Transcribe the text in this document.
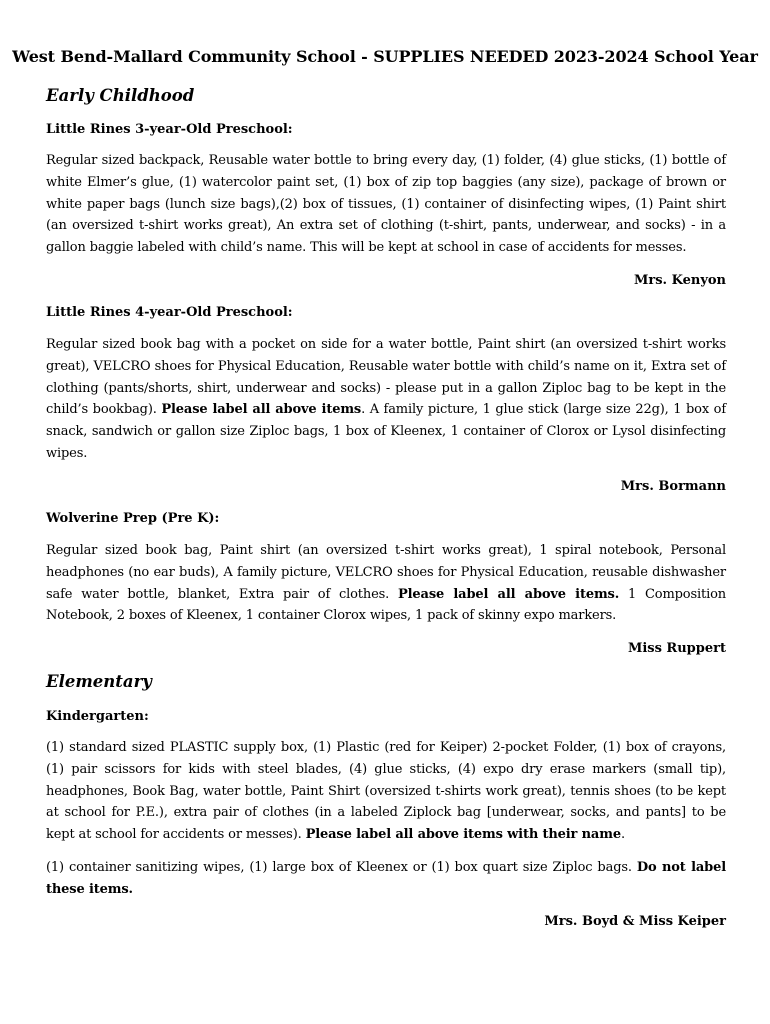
West Bend-Mallard Community School - SUPPLIES NEEDED 2023-2024 School Year
Early Childhood
Little Rines 3-year-Old Preschool:
Regular sized backpack, Reusable water bottle to bring every day, (1) folder, (4) glue sticks, (1) bottle of white Elmer’s glue, (1) watercolor paint set, (1) box of zip top baggies (any size), package of brown or white paper bags (lunch size bags),(2) box of tissues, (1) container of disinfecting wipes, (1) Paint shirt (an oversized t-shirt works great), An extra set of clothing (t-shirt, pants, underwear, and socks) - in a gallon baggie labeled with child’s name. This will be kept at school in case of accidents for messes.
Mrs. Kenyon
Little Rines 4-year-Old Preschool:
Regular sized book bag with a pocket on side for a water bottle, Paint shirt (an oversized t-shirt works great), VELCRO shoes for Physical Education, Reusable water bottle with child’s name on it, Extra set of clothing (pants/shorts, shirt, underwear and socks) - please put in a gallon Ziploc bag to be kept in the child’s bookbag). Please label all above items. A family picture, 1 glue stick (large size 22g), 1 box of snack, sandwich or gallon size Ziploc bags, 1 box of Kleenex, 1 container of Clorox or Lysol disinfecting wipes.
Mrs. Bormann
Wolverine Prep (Pre K):
Regular sized book bag, Paint shirt (an oversized t-shirt works great), 1 spiral notebook, Personal headphones (no ear buds), A family picture, VELCRO shoes for Physical Education, reusable dishwasher safe water bottle, blanket, Extra pair of clothes. Please label all above items. 1 Composition Notebook, 2 boxes of Kleenex, 1 container Clorox wipes, 1 pack of skinny expo markers.
Miss Ruppert
Elementary
Kindergarten:
(1) standard sized PLASTIC supply box, (1) Plastic (red for Keiper) 2-pocket Folder, (1) box of crayons, (1) pair scissors for kids with steel blades, (4) glue sticks, (4) expo dry erase markers (small tip), headphones, Book Bag, water bottle, Paint Shirt (oversized t-shirts work great), tennis shoes (to be kept at school for P.E.), extra pair of clothes (in a labeled Ziplock bag [underwear, socks, and pants] to be kept at school for accidents or messes). Please label all above items with their name.
(1) container sanitizing wipes, (1) large box of Kleenex or (1) box quart size Ziploc bags. Do not label these items.
Mrs. Boyd & Miss Keiper
